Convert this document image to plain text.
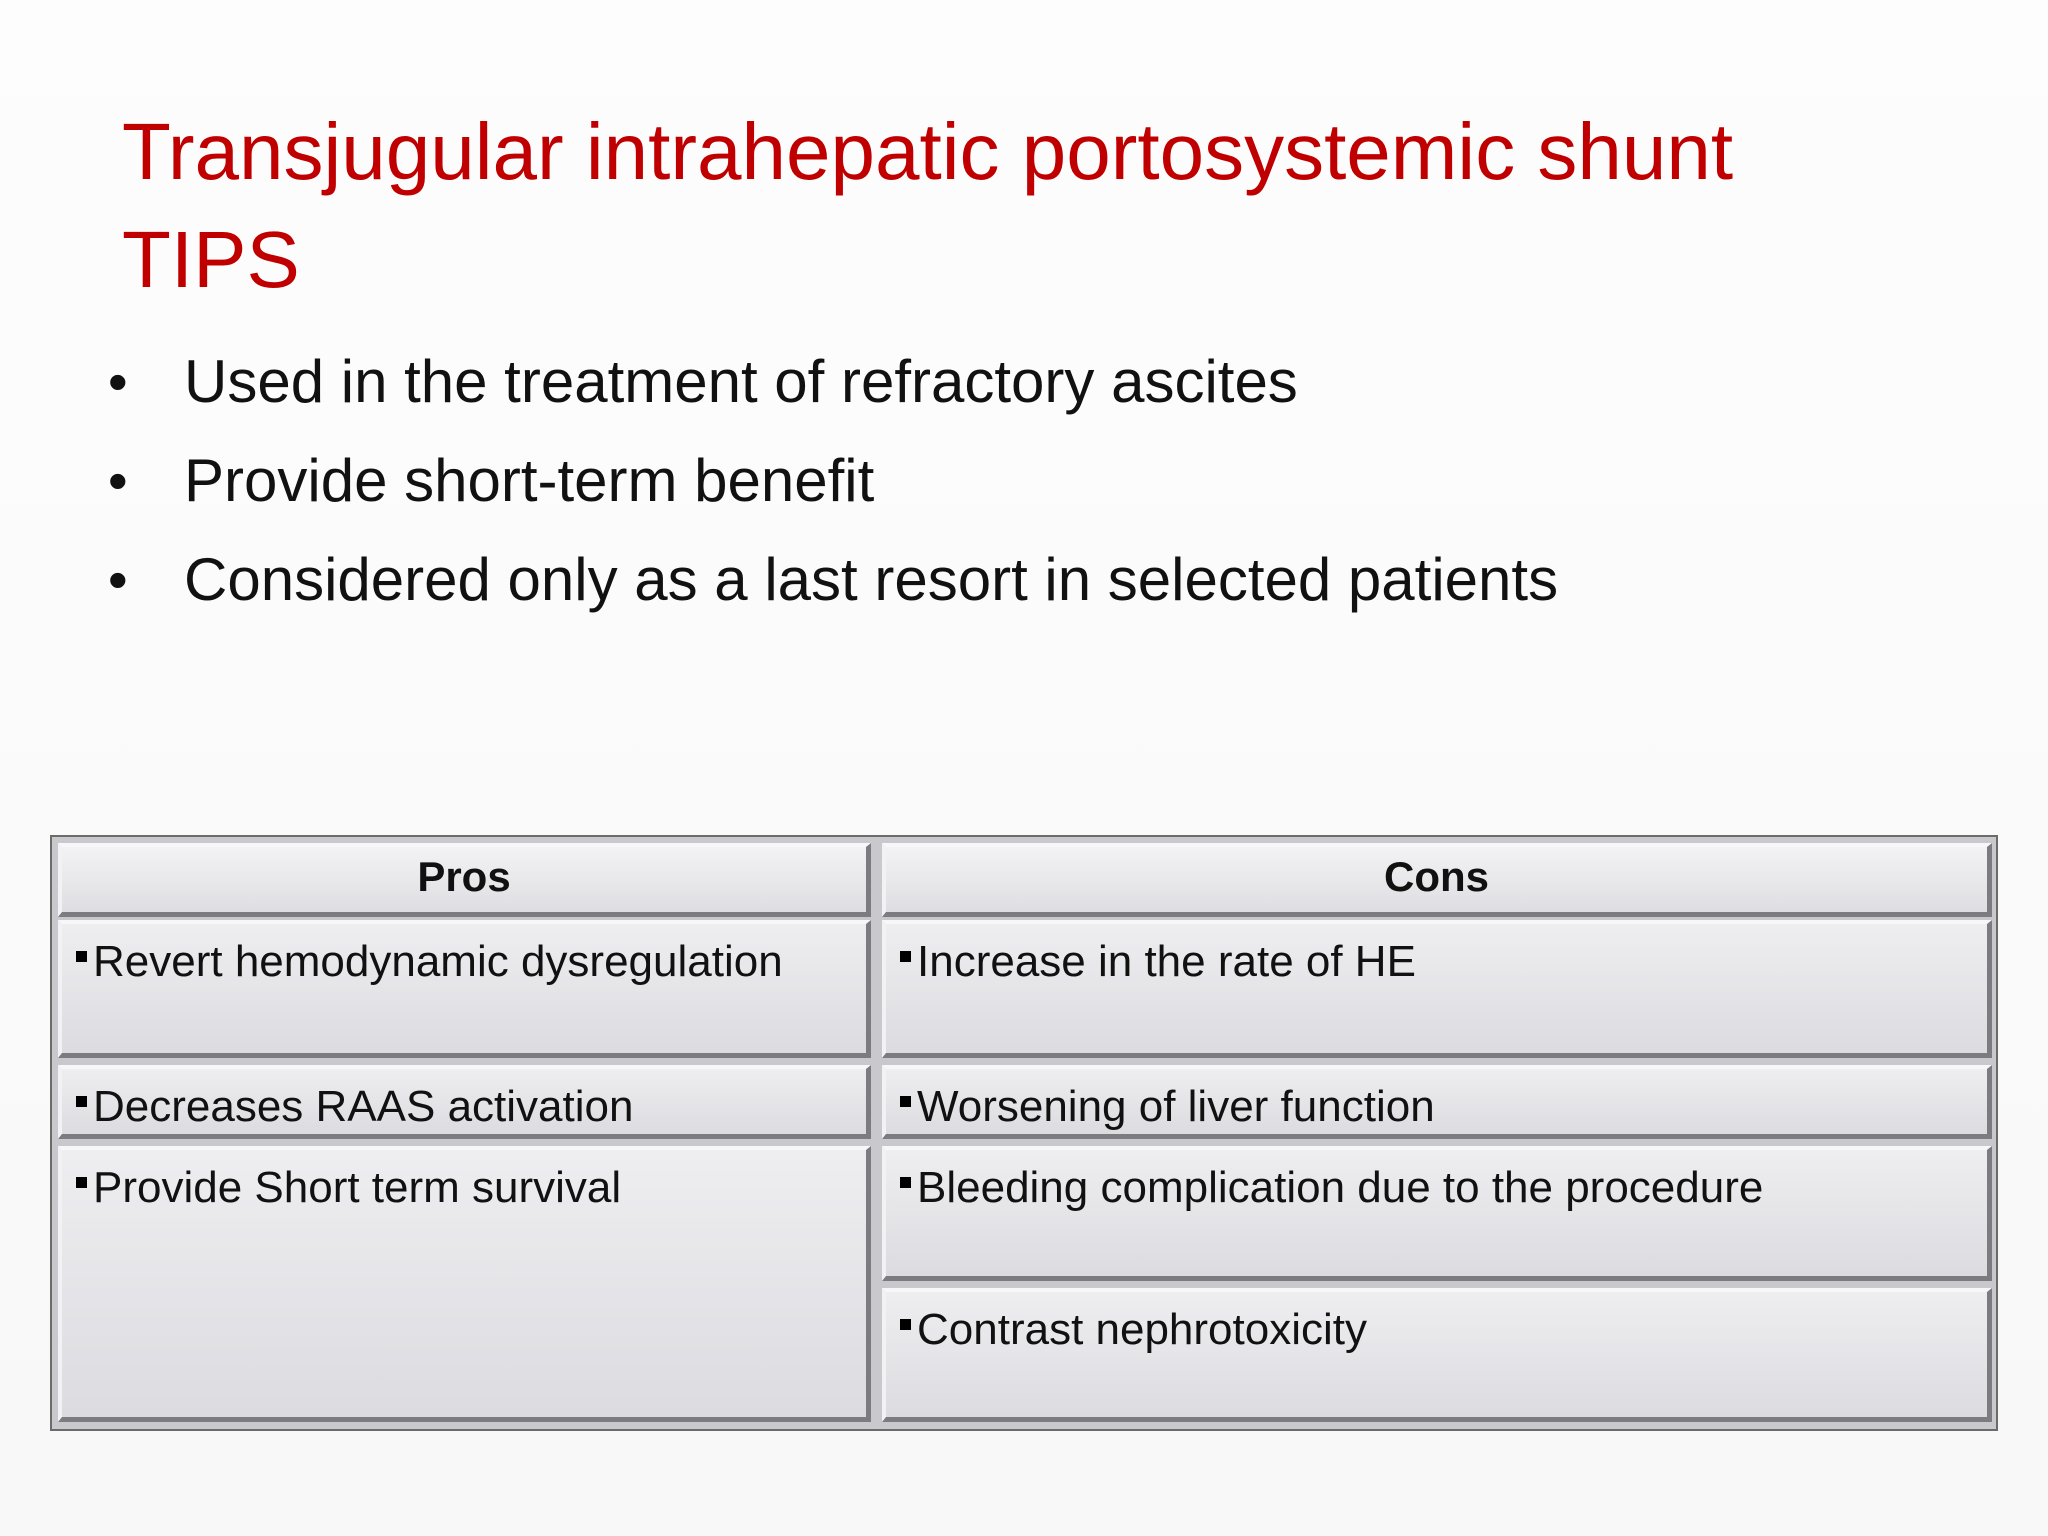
Transjugular intrahepatic portosystemic shunt
TIPS
• Used in the treatment of refractory ascites
• Provide short-term benefit
• Considered only as a last resort in selected patients
Pros	Cons
Revert hemodynamic dysregulation
Decreases RAAS activation
Provide Short term survival
Increase in the rate of HE
Worsening of liver function
Bleeding complication due to the procedure
Contrast nephrotoxicity
